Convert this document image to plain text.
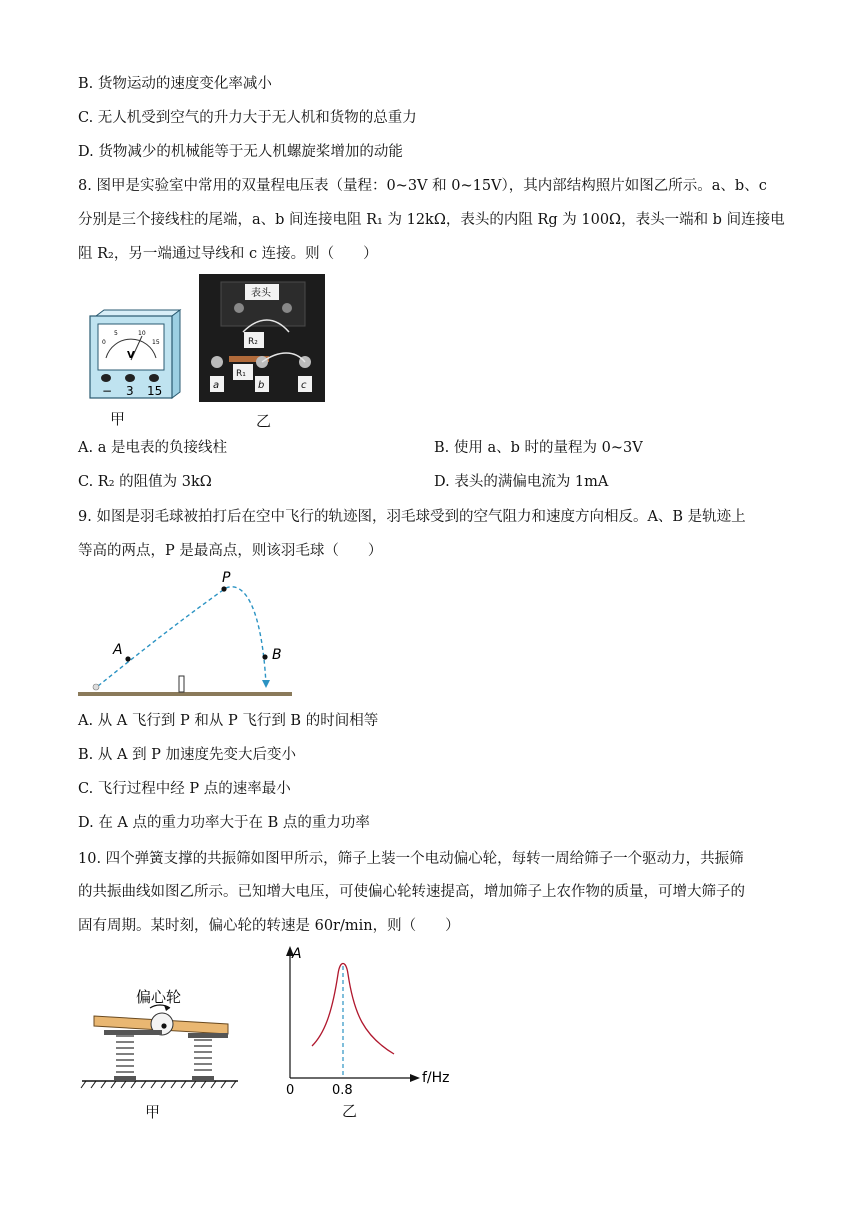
B. 货物运动的速度变化率减小
C. 无人机受到空气的升力大于无人机和货物的总重力
D. 货物减少的机械能等于无人机螺旋桨增加的动能
8. 图甲是实验室中常用的双量程电压表（量程：0~3V 和 0~15V），其内部结构照片如图乙所示。a、b、c
分别是三个接线柱的尾端，a、b 间连接电阻 R₁ 为 12kΩ，表头的内阻 Rg 为 100Ω，表头一端和 b 间连接电
阻 R₂，另一端通过导线和 c 连接。则（　　）
0
5	10
15
V
− 3 15
甲
表头
R₂
R₁
a	b	c
乙
A. a 是电表的负接线柱	B. 使用 a、b 时的量程为 0~3V
C. R₂ 的阻值为 3kΩ	D. 表头的满偏电流为 1mA
9. 如图是羽毛球被拍打后在空中飞行的轨迹图，羽毛球受到的空气阻力和速度方向相反。A、B 是轨迹上
等高的两点，P 是最高点，则该羽毛球（　　）
P
A	B
A. 从 A 飞行到 P 和从 P 飞行到 B 的时间相等
B. 从 A 到 P 加速度先变大后变小
C. 飞行过程中经 P 点的速率最小
D. 在 A 点的重力功率大于在 B 点的重力功率
10. 四个弹簧支撑的共振筛如图甲所示，筛子上装一个电动偏心轮，每转一周给筛子一个驱动力，共振筛
的共振曲线如图乙所示。已知增大电压，可使偏心轮转速提高，增加筛子上农作物的质量，可增大筛子的
固有周期。某时刻，偏心轮的转速是 60r/min，则（　　）
偏心轮
甲
A
f/Hz
0	0.8
乙
